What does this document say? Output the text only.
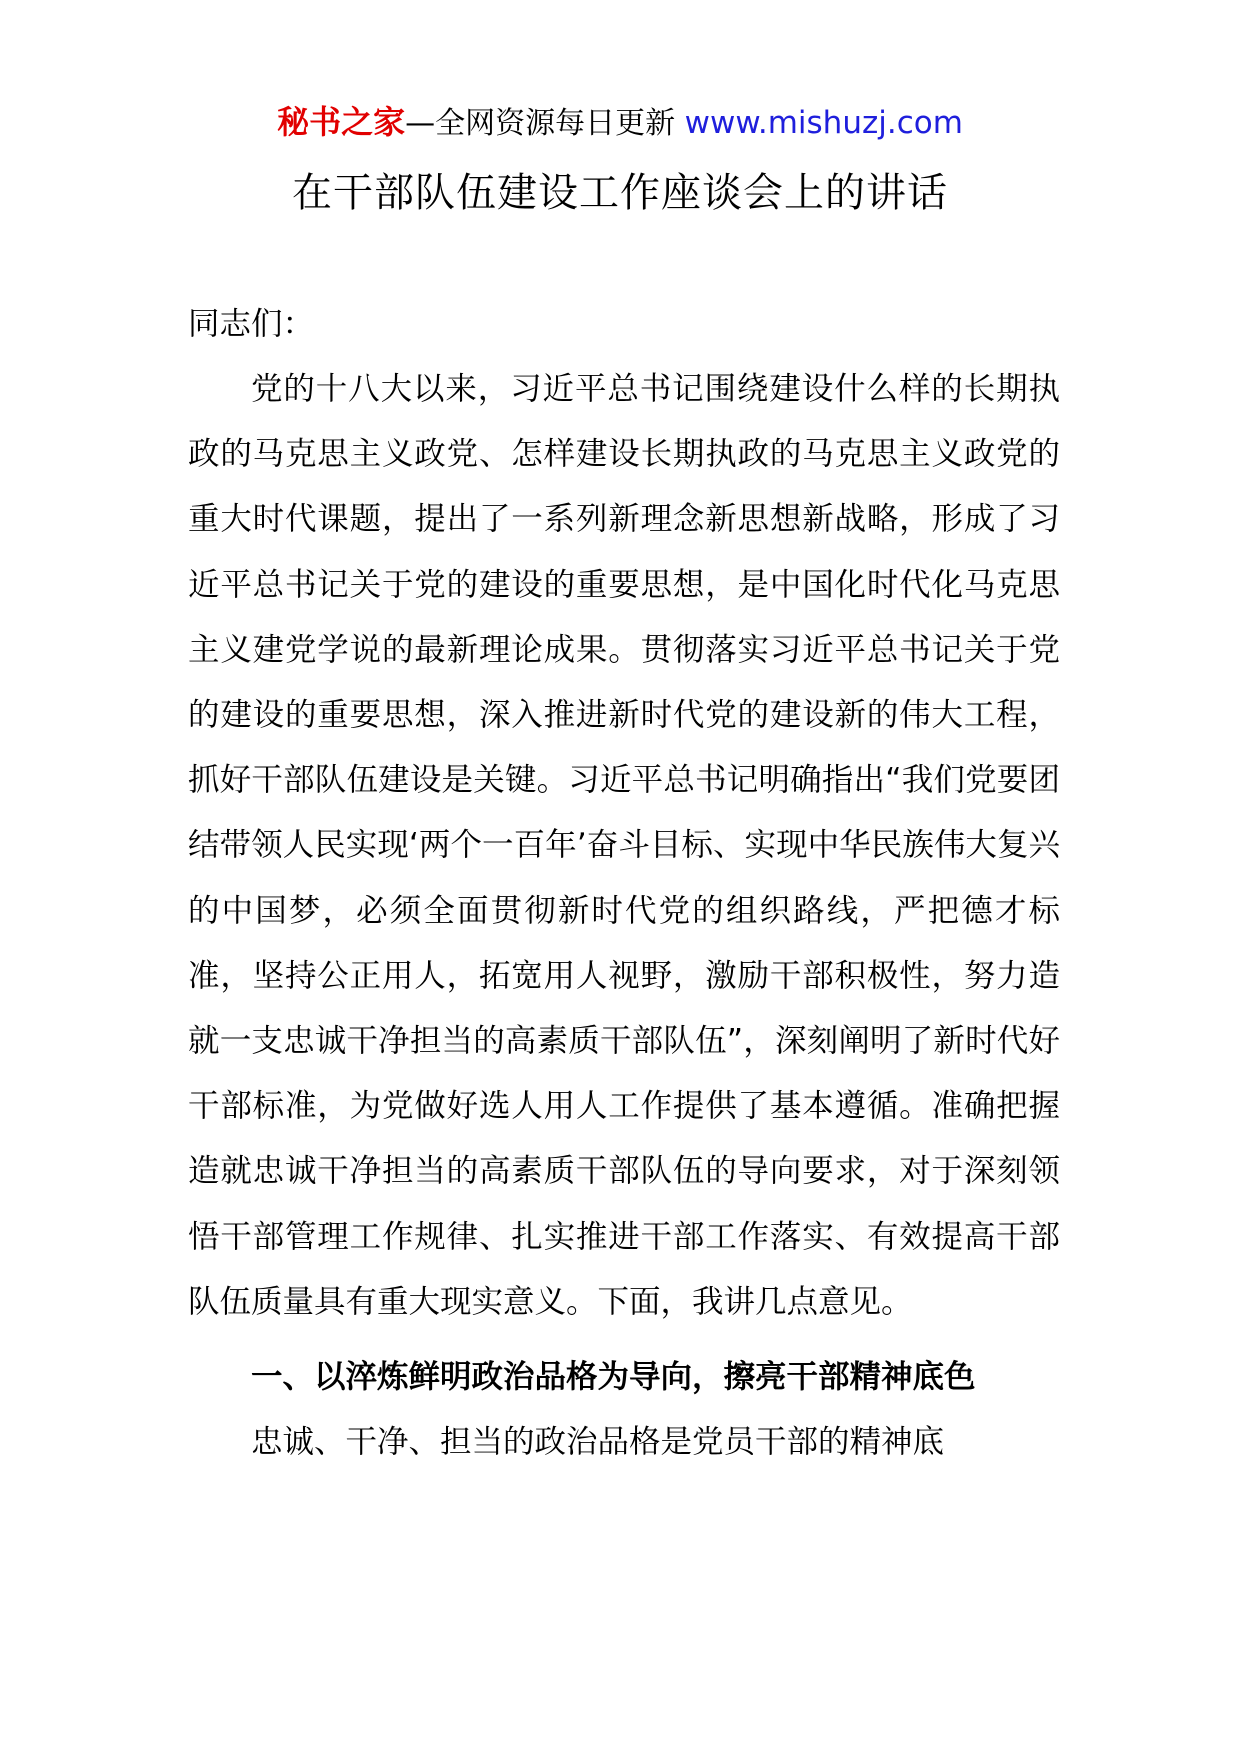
秘书之家—全网资源每日更新 www.mishuzj.com
在干部队伍建设工作座谈会上的讲话

同志们：

党的十八大以来，习近平总书记围绕建设什么样的长期执政的马克思主义政党、怎样建设长期执政的马克思主义政党的重大时代课题，提出了一系列新理念新思想新战略，形成了习近平总书记关于党的建设的重要思想，是中国化时代化马克思主义建党学说的最新理论成果。贯彻落实习近平总书记关于党的建设的重要思想，深入推进新时代党的建设新的伟大工程，抓好干部队伍建设是关键。习近平总书记明确指出“我们党要团结带领人民实现‘两个一百年’奋斗目标、实现中华民族伟大复兴的中国梦，必须全面贯彻新时代党的组织路线，严把德才标准，坚持公正用人，拓宽用人视野，激励干部积极性，努力造就一支忠诚干净担当的高素质干部队伍”，深刻阐明了新时代好干部标准，为党做好选人用人工作提供了基本遵循。准确把握造就忠诚干净担当的高素质干部队伍的导向要求，对于深刻领悟干部管理工作规律、扎实推进干部工作落实、有效提高干部队伍质量具有重大现实意义。下面，我讲几点意见。

一、以淬炼鲜明政治品格为导向，擦亮干部精神底色

忠诚、干净、担当的政治品格是党员干部的精神底
